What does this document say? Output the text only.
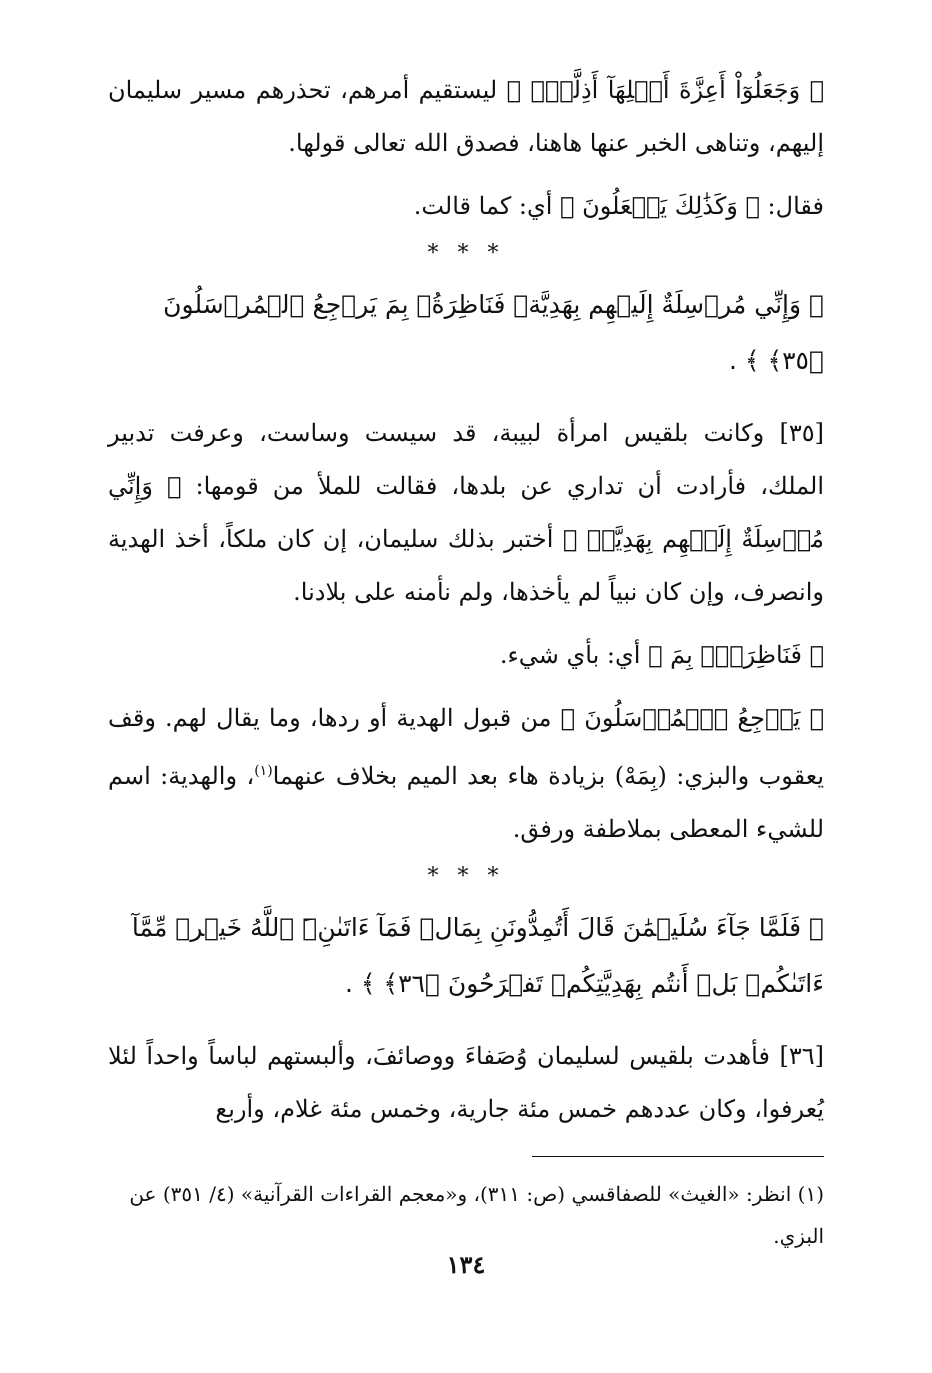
﴿ وَجَعَلُوٓاْ أَعِزَّةَ أَهۡلِهَآ أَذِلَّةٗۚ ﴾ ليستقيم أمرهم، تحذرهم مسير سليمان إليهم، وتناهى الخبر عنها هاهنا، فصدق الله تعالى قولها.

فقال: ﴿ وَكَذَٰلِكَ يَفۡعَلُونَ ﴾ أي: كما قالت.

* * *

﴿ وَإِنِّي مُرۡسِلَةٌ إِلَيۡهِم بِهَدِيَّةٖ فَنَاظِرَةُۢ بِمَ يَرۡجِعُ ٱلۡمُرۡسَلُونَ ﴿٣٥﴾ ﴾ .

[٣٥] وكانت بلقيس امرأة لبيبة، قد سيست وساست، وعرفت تدبير الملك، فأرادت أن تداري عن بلدها، فقالت للملأ من قومها: ﴿ وَإِنِّي مُرۡسِلَةٌ إِلَيۡهِم بِهَدِيَّةٖ ﴾ أختبر بذلك سليمان، إن كان ملكاً، أخذ الهدية وانصرف، وإن كان نبياً لم يأخذها، ولم نأمنه على بلادنا.

﴿ فَنَاظِرَةُۢ بِمَ ﴾ أي: بأي شيء.

﴿ يَرۡجِعُ ٱلۡمُرۡسَلُونَ ﴾ من قبول الهدية أو ردها، وما يقال لهم. وقف يعقوب والبزي: (بِمَهْ) بزيادة هاء بعد الميم بخلاف عنهما$^{(١)}$، والهدية: اسم للشيء المعطى بملاطفة ورفق.

* * *

﴿ فَلَمَّا جَآءَ سُلَيۡمَٰنَ قَالَ أَتُمِدُّونَنِ بِمَالٖ فَمَآ ءَاتَىٰنِۦَ ٱللَّهُ خَيۡرٞ مِّمَّآ ءَاتَىٰكُمۚ بَلۡ أَنتُم بِهَدِيَّتِكُمۡ تَفۡرَحُونَ ﴿٣٦﴾ ﴾ .

[٣٦] فأهدت بلقيس لسليمان وُصَفاءَ ووصائفَ، وألبستهم لباساً واحداً لئلا يُعرفوا، وكان عددهم خمس مئة جارية، وخمس مئة غلام، وأربع

(١) انظر: «الغيث» للصفاقسي (ص: ٣١١)، و«معجم القراءات القرآنية» (٤/ ٣٥١) عن البزي.

١٣٤
